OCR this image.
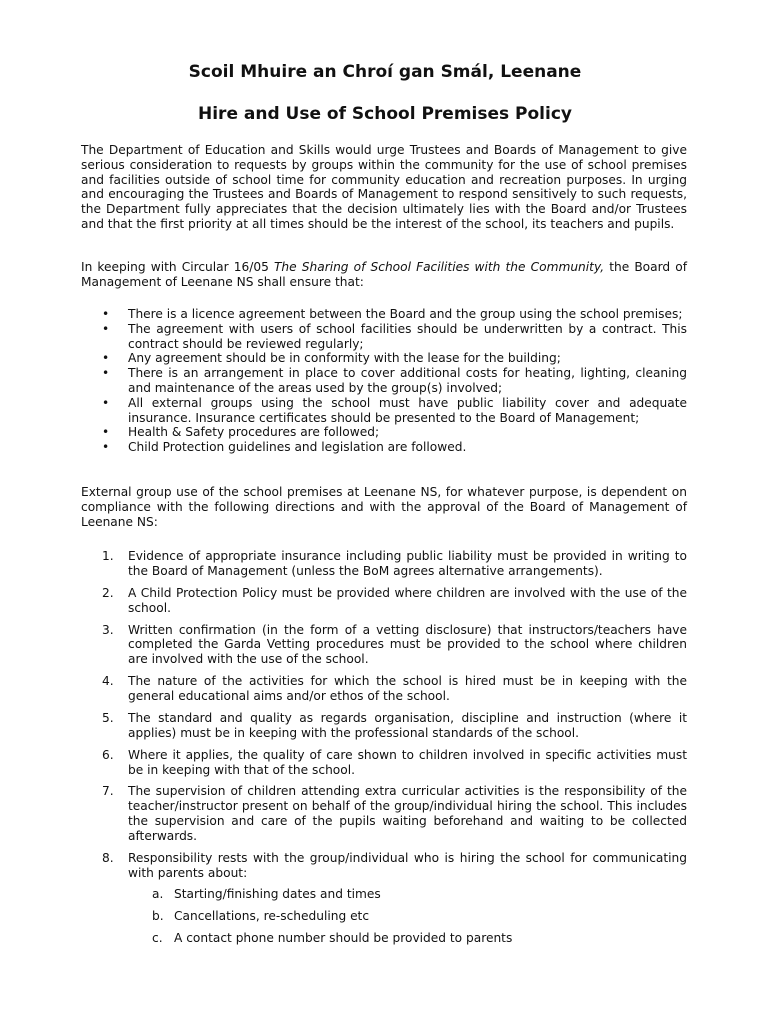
Scoil Mhuire an Chroí gan Smál, Leenane
Hire and Use of School Premises Policy

The Department of Education and Skills would urge Trustees and Boards of Management to give serious consideration to requests by groups within the community for the use of school premises and facilities outside of school time for community education and recreation purposes. In urging and encouraging the Trustees and Boards of Management to respond sensitively to such requests, the Department fully appreciates that the decision ultimately lies with the Board and/or Trustees and that the first priority at all times should be the interest of the school, its teachers and pupils.

In keeping with Circular 16/05 The Sharing of School Facilities with the Community, the Board of Management of Leenane NS shall ensure that:

• There is a licence agreement between the Board and the group using the school premises;
• The agreement with users of school facilities should be underwritten by a contract. This contract should be reviewed regularly;
• Any agreement should be in conformity with the lease for the building;
• There is an arrangement in place to cover additional costs for heating, lighting, cleaning and maintenance of the areas used by the group(s) involved;
• All external groups using the school must have public liability cover and adequate insurance. Insurance certificates should be presented to the Board of Management;
• Health & Safety procedures are followed;
• Child Protection guidelines and legislation are followed.

External group use of the school premises at Leenane NS, for whatever purpose, is dependent on compliance with the following directions and with the approval of the Board of Management of Leenane NS:

1.	Evidence of appropriate insurance including public liability must be provided in writing to the Board of Management (unless the BoM agrees alternative arrangements).
2.	A Child Protection Policy must be provided where children are involved with the use of the school.
3.	Written confirmation (in the form of a vetting disclosure) that instructors/teachers have completed the Garda Vetting procedures must be provided to the school where children are involved with the use of the school.
4.	The nature of the activities for which the school is hired must be in keeping with the general educational aims and/or ethos of the school.
5.	The standard and quality as regards organisation, discipline and instruction (where it applies) must be in keeping with the professional standards of the school.
6.	Where it applies, the quality of care shown to children involved in specific activities must be in keeping with that of the school.
7.	The supervision of children attending extra curricular activities is the responsibility of the teacher/instructor present on behalf of the group/individual hiring the school. This includes the supervision and care of the pupils waiting beforehand and waiting to be collected afterwards.
8.	Responsibility rests with the group/individual who is hiring the school for communicating with parents about:
a. Starting/finishing dates and times
b. Cancellations, re-scheduling etc
c. A contact phone number should be provided to parents
